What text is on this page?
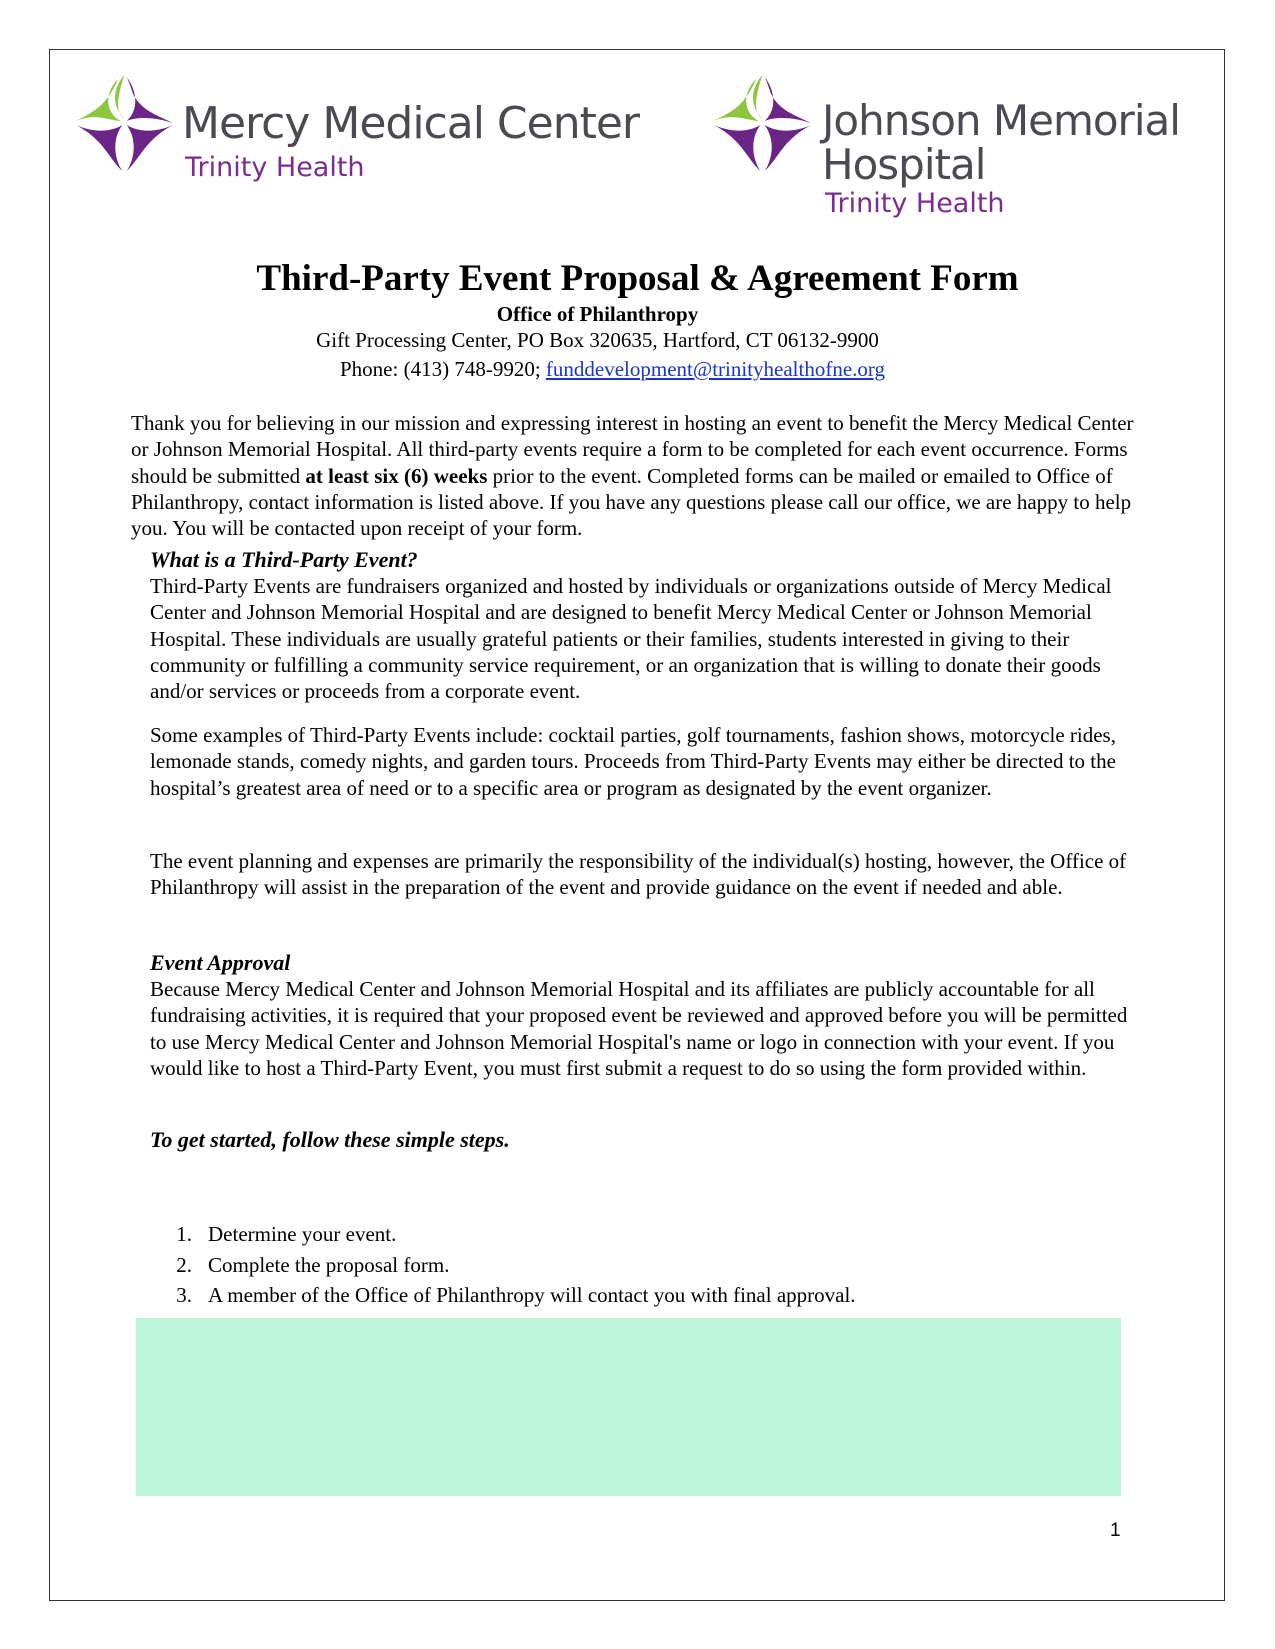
Mercy Medical Center
Trinity Health
Johnson Memorial
Hospital
Trinity Health
Third-Party Event Proposal & Agreement Form
Office of Philanthropy
Gift Processing Center, PO Box 320635, Hartford, CT 06132-9900
Phone: (413) 748-9920; funddevelopment@trinityhealthofne.org

Thank you for believing in our mission and expressing interest in hosting an event to benefit the Mercy Medical Center or Johnson Memorial Hospital. All third-party events require a form to be completed for each event occurrence. Forms should be submitted at least six (6) weeks prior to the event. Completed forms can be mailed or emailed to Office of Philanthropy, contact information is listed above. If you have any questions please call our office, we are happy to help you. You will be contacted upon receipt of your form.

What is a Third-Party Event?

Third-Party Events are fundraisers organized and hosted by individuals or organizations outside of Mercy Medical Center and Johnson Memorial Hospital and are designed to benefit Mercy Medical Center or Johnson Memorial Hospital. These individuals are usually grateful patients or their families, students interested in giving to their community or fulfilling a community service requirement, or an organization that is willing to donate their goods and/or services or proceeds from a corporate event.

Some examples of Third-Party Events include: cocktail parties, golf tournaments, fashion shows, motorcycle rides, lemonade stands, comedy nights, and garden tours. Proceeds from Third-Party Events may either be directed to the hospital’s greatest area of need or to a specific area or program as designated by the event organizer.

The event planning and expenses are primarily the responsibility of the individual(s) hosting, however, the Office of Philanthropy will assist in the preparation of the event and provide guidance on the event if needed and able.

Event Approval

Because Mercy Medical Center and Johnson Memorial Hospital and its affiliates are publicly accountable for all fundraising activities, it is required that your proposed event be reviewed and approved before you will be permitted to use Mercy Medical Center and Johnson Memorial Hospital's name or logo in connection with your event. If you would like to host a Third-Party Event, you must first submit a request to do so using the form provided within.

To get started, follow these simple steps.
1. Determine your event.
2. Complete the proposal form.
3. A member of the Office of Philanthropy will contact you with final approval.
1
